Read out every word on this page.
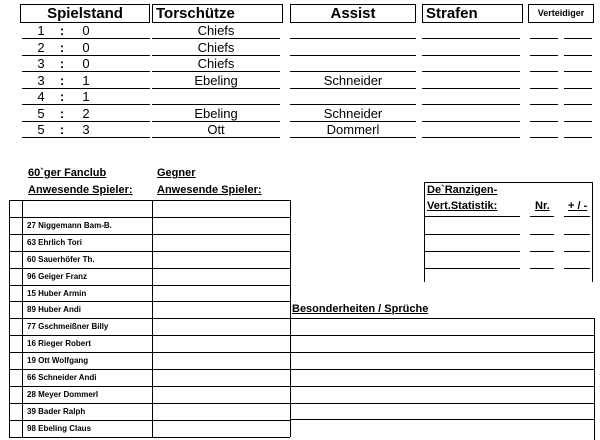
Spielstand	Torschütze	Assist	Strafen	Verteidiger
1	:	0	Chiefs
2	:	0	Chiefs
3	:	0	Chiefs
3	:	1	Ebeling	Schneider
4	:	1
5	:	2	Ebeling	Schneider
5	:	3	Ott	Dommerl
60`ger Fanclub
Anwesende Spieler:
Gegner
Anwesende Spieler:
27 Niggemann Bam-B.
63 Ehrlich Tori
60 Sauerhöfer Th.
96 Geiger Franz
15 Huber Armin
89 Huber Andi
77 Gschmeißner Billy
16 Rieger Robert
19 Ott Wolfgang
66 Schneider Andi
28 Meyer Dommerl
39 Bader Ralph
98 Ebeling Claus
De`Ranzigen-
Vert.Statistik:	Nr. + / -
Besonderheiten / Sprüche
